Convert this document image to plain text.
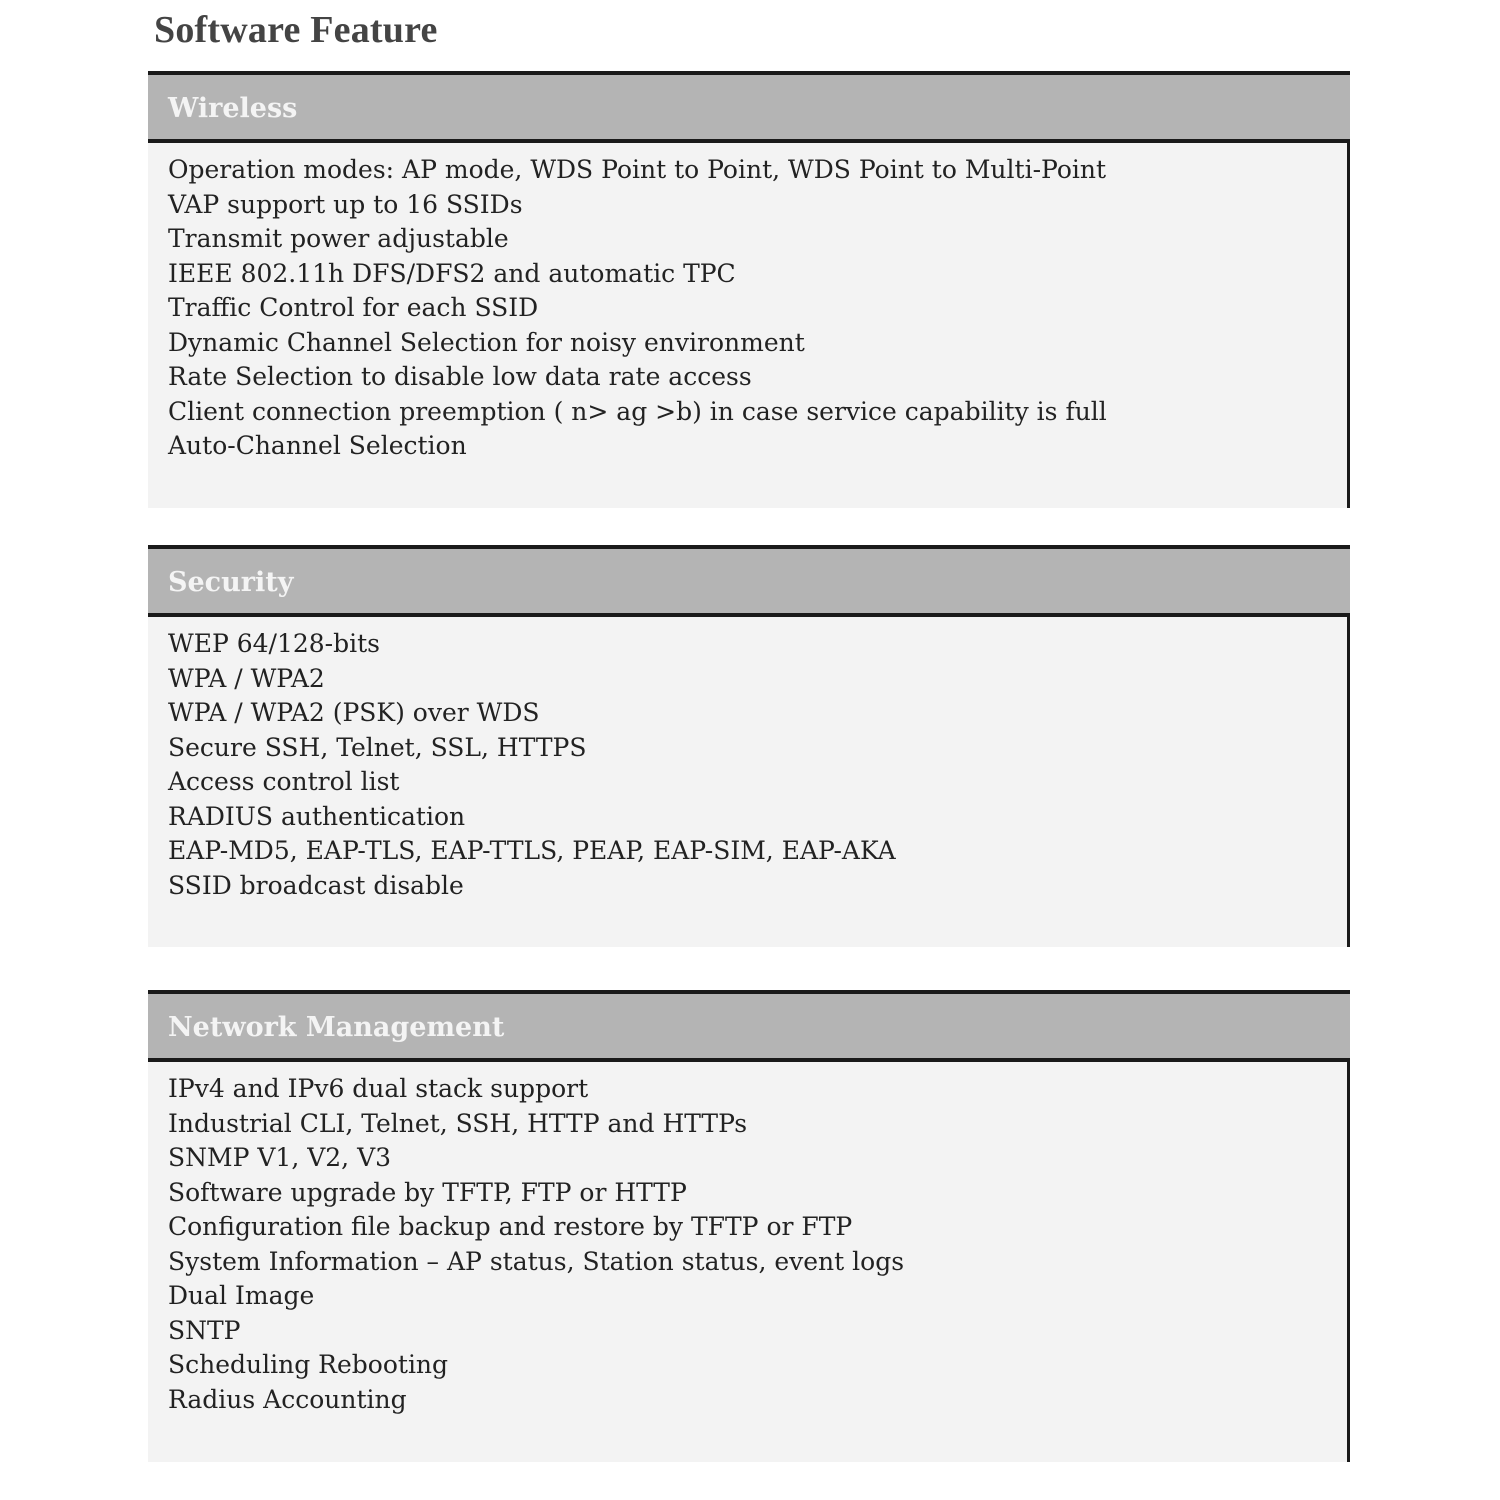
Software Feature
Wireless
Operation modes: AP mode, WDS Point to Point, WDS Point to Multi-Point
VAP support up to 16 SSIDs
Transmit power adjustable
IEEE 802.11h DFS/DFS2 and automatic TPC
Traffic Control for each SSID
Dynamic Channel Selection for noisy environment
Rate Selection to disable low data rate access
Client connection preemption ( n> ag >b) in case service capability is full
Auto-Channel Selection
Security
WEP 64/128-bits
WPA / WPA2
WPA / WPA2 (PSK) over WDS
Secure SSH, Telnet, SSL, HTTPS
Access control list
RADIUS authentication
EAP-MD5, EAP-TLS, EAP-TTLS, PEAP, EAP-SIM, EAP-AKA
SSID broadcast disable
Network Management
IPv4 and IPv6 dual stack support
Industrial CLI, Telnet, SSH, HTTP and HTTPs
SNMP V1, V2, V3
Software upgrade by TFTP, FTP or HTTP
Configuration file backup and restore by TFTP or FTP
System Information – AP status, Station status, event logs
Dual Image
SNTP
Scheduling Rebooting
Radius Accounting
